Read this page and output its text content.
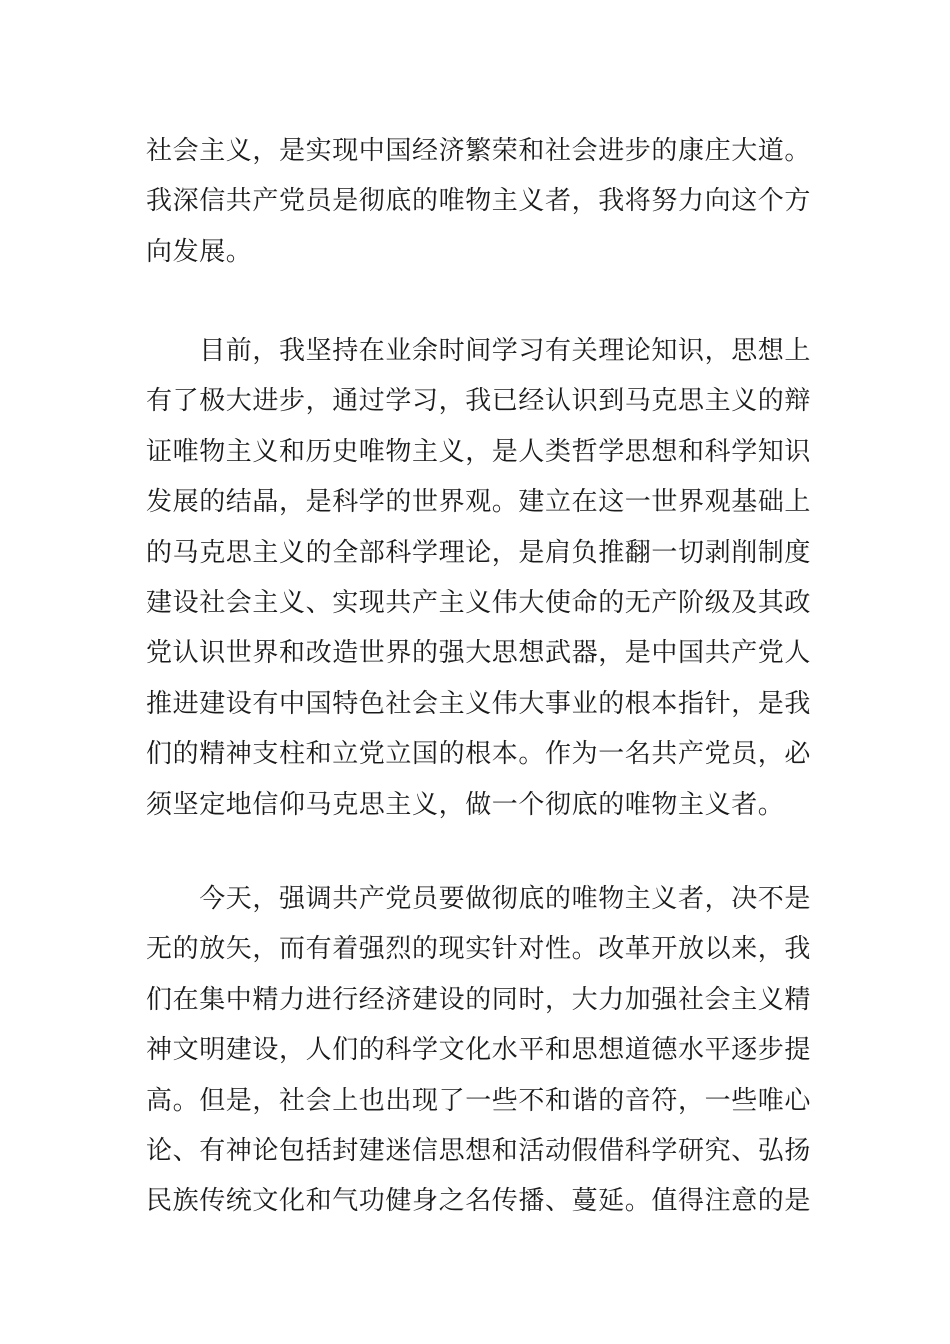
社会主义，是实现中国经济繁荣和社会进步的康庄大道。
我深信共产党员是彻底的唯物主义者，我将努力向这个方
向发展。
　　目前，我坚持在业余时间学习有关理论知识，思想上
有了极大进步，通过学习，我已经认识到马克思主义的辩
证唯物主义和历史唯物主义，是人类哲学思想和科学知识
发展的结晶，是科学的世界观。建立在这一世界观基础上
的马克思主义的全部科学理论，是肩负推翻一切剥削制度
建设社会主义、实现共产主义伟大使命的无产阶级及其政
党认识世界和改造世界的强大思想武器，是中国共产党人
推进建设有中国特色社会主义伟大事业的根本指针，是我
们的精神支柱和立党立国的根本。作为一名共产党员，必
须坚定地信仰马克思主义，做一个彻底的唯物主义者。
　　今天，强调共产党员要做彻底的唯物主义者，决不是
无的放矢，而有着强烈的现实针对性。改革开放以来，我
们在集中精力进行经济建设的同时，大力加强社会主义精
神文明建设，人们的科学文化水平和思想道德水平逐步提
高。但是，社会上也出现了一些不和谐的音符，一些唯心
论、有神论包括封建迷信思想和活动假借科学研究、弘扬
民族传统文化和气功健身之名传播、蔓延。值得注意的是
